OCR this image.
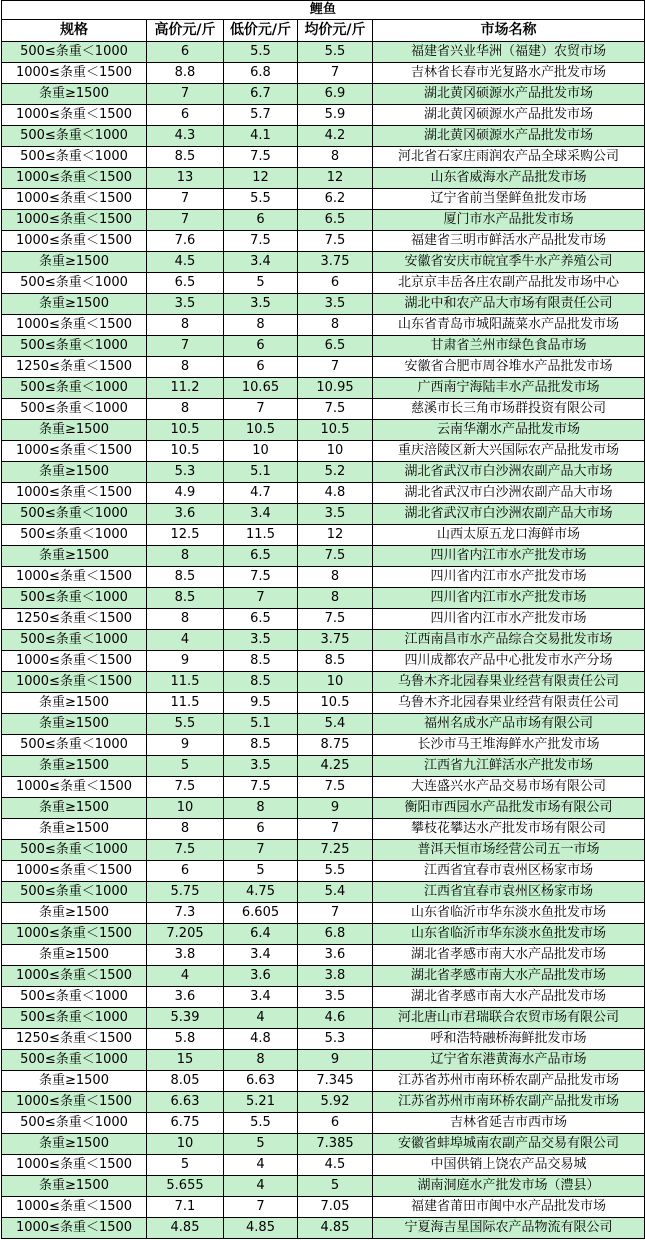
鲤鱼				
规格	高价元/斤	低价元/斤	均价元/斤	市场名称
500≤条重＜1000	6	5.5	5.5	福建省兴业华洲（福建）农贸市场
1000≤条重＜1500	8.8	6.8	7	吉林省长春市光复路水产批发市场
条重≥1500	7	6.7	6.9	湖北黄冈硕源水产品批发市场
1000≤条重＜1500	6	5.7	5.9	湖北黄冈硕源水产品批发市场
500≤条重＜1000	4.3	4.1	4.2	湖北黄冈硕源水产品批发市场
500≤条重＜1000	8.5	7.5	8	河北省石家庄雨润农产品全球采购公司
1000≤条重＜1500	13	12	12	山东省威海水产品批发市场
1000≤条重＜1500	7	5.5	6.2	辽宁省前当堡鲜鱼批发市场
1000≤条重＜1500	7	6	6.5	厦门市水产品批发市场
1000≤条重＜1500	7.6	7.5	7.5	福建省三明市鲜活水产品批发市场
条重≥1500	4.5	3.4	3.75	安徽省安庆市皖宜季牛水产养殖公司
500≤条重＜1000	6.5	5	6	北京京丰岳各庄农副产品批发市场中心
条重≥1500	3.5	3.5	3.5	湖北中和农产品大市场有限责任公司
1000≤条重＜1500	8	8	8	山东省青岛市城阳蔬菜水产品批发市场
500≤条重＜1000	7	6	6.5	甘肃省兰州市绿色食品市场
1250≤条重＜1500	8	6	7	安徽省合肥市周谷堆水产品批发市场
500≤条重＜1000	11.2	10.65	10.95	广西南宁海陆丰水产品批发市场
500≤条重＜1000	8	7	7.5	慈溪市长三角市场群投资有限公司
条重≥1500	10.5	10.5	10.5	云南华潮水产品批发市场
1000≤条重＜1500	10.5	10	10	重庆涪陵区新大兴国际农产品批发市场
条重≥1500	5.3	5.1	5.2	湖北省武汉市白沙洲农副产品大市场
1000≤条重＜1500	4.9	4.7	4.8	湖北省武汉市白沙洲农副产品大市场
500≤条重＜1000	3.6	3.4	3.5	湖北省武汉市白沙洲农副产品大市场
500≤条重＜1000	12.5	11.5	12	山西太原五龙口海鲜市场
条重≥1500	8	6.5	7.5	四川省内江市水产批发市场
1000≤条重＜1500	8.5	7.5	8	四川省内江市水产批发市场
500≤条重＜1000	8.5	7	8	四川省内江市水产批发市场
1250≤条重＜1500	8	6.5	7.5	四川省内江市水产批发市场
500≤条重＜1000	4	3.5	3.75	江西南昌市水产品综合交易批发市场
1000≤条重＜1500	9	8.5	8.5	四川成都农产品中心批发市水产分场
1000≤条重＜1500	11.5	8.5	10	乌鲁木齐北园春果业经营有限责任公司
条重≥1500	11.5	9.5	10.5	乌鲁木齐北园春果业经营有限责任公司
条重≥1500	5.5	5.1	5.4	福州名成水产品市场有限公司
500≤条重＜1000	9	8.5	8.75	长沙市马王堆海鲜水产批发市场
条重≥1500	5	3.5	4.25	江西省九江鲜活水产批发市场
1000≤条重＜1500	7.5	7.5	7.5	大连盛兴水产品交易市场有限公司
条重≥1500	10	8	9	衡阳市西园水产品批发市场有限公司
条重≥1500	8	6	7	攀枝花攀达水产批发市场有限公司
500≤条重＜1000	7.5	7	7.25	普洱天恒市场经营公司五一市场
1000≤条重＜1500	6	5	5.5	江西省宜春市袁州区杨家市场
500≤条重＜1000	5.75	4.75	5.4	江西省宜春市袁州区杨家市场
条重≥1500	7.3	6.605	7	山东省临沂市华东淡水鱼批发市场
1000≤条重＜1500	7.205	6.4	6.8	山东省临沂市华东淡水鱼批发市场
条重≥1500	3.8	3.4	3.6	湖北省孝感市南大水产品批发市场
1000≤条重＜1500	4	3.6	3.8	湖北省孝感市南大水产品批发市场
500≤条重＜1000	3.6	3.4	3.5	湖北省孝感市南大水产品批发市场
500≤条重＜1000	5.39	4	4.6	河北唐山市君瑞联合农贸市场有限公司
1250≤条重＜1500	5.8	4.8	5.3	呼和浩特融桥海鲜批发市场
500≤条重＜1000	15	8	9	辽宁省东港黄海水产品市场
条重≥1500	8.05	6.63	7.345	江苏省苏州市南环桥农副产品批发市场
1000≤条重＜1500	6.63	5.21	5.92	江苏省苏州市南环桥农副产品批发市场
500≤条重＜1000	6.75	5.5	6	吉林省延吉市西市场
条重≥1500	10	5	7.385	安徽省蚌埠城南农副产品交易有限公司
1000≤条重＜1500	5	4	4.5	中国供销上饶农产品交易城
条重≥1500	5.655	4	5	湖南洞庭水产批发市场（澧县）
1000≤条重＜1500	7.1	7	7.05	福建省莆田市闽中水产品批发市场
1000≤条重＜1500	4.85	4.85	4.85	宁夏海吉星国际农产品物流有限公司
